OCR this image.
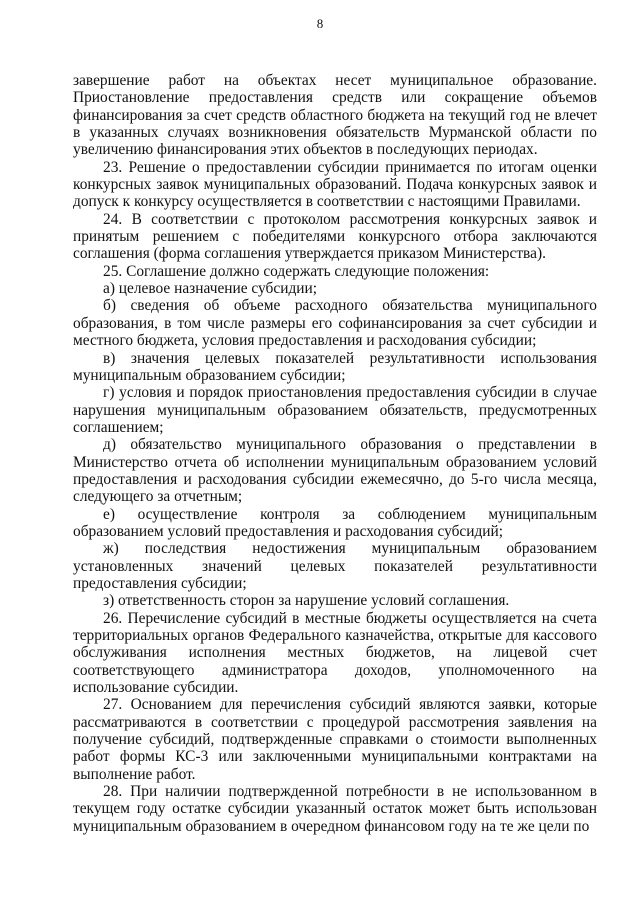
8

завершение работ на объектах несет муниципальное образование. Приостановление предоставления средств или сокращение объемов финансирования за счет средств областного бюджета на текущий год не влечет в указанных случаях возникновения обязательств Мурманской области по увеличению финансирования этих объектов в последующих периодах.

23. Решение о предоставлении субсидии принимается по итогам оценки конкурсных заявок муниципальных образований. Подача конкурсных заявок и допуск к конкурсу осуществляется в соответствии с настоящими Правилами.

24. В соответствии с протоколом рассмотрения конкурсных заявок и принятым решением с победителями конкурсного отбора заключаются соглашения (форма соглашения утверждается приказом Министерства).

25. Соглашение должно содержать следующие положения:

а) целевое назначение субсидии;

б) сведения об объеме расходного обязательства муниципального образования, в том числе размеры его софинансирования за счет субсидии и местного бюджета, условия предоставления и расходования субсидии;

в) значения целевых показателей результативности использования муниципальным образованием субсидии;

г) условия и порядок приостановления предоставления субсидии в случае нарушения муниципальным образованием обязательств, предусмотренных соглашением;

д) обязательство муниципального образования о представлении в Министерство отчета об исполнении муниципальным образованием условий предоставления и расходования субсидии ежемесячно, до 5-го числа месяца, следующего за отчетным;

е) осуществление контроля за соблюдением муниципальным образованием условий предоставления и расходования субсидий;

ж) последствия недостижения муниципальным образованием установленных значений целевых показателей результативности предоставления субсидии;

з) ответственность сторон за нарушение условий соглашения.

26. Перечисление субсидий в местные бюджеты осуществляется на счета территориальных органов Федерального казначейства, открытые для кассового обслуживания исполнения местных бюджетов, на лицевой счет соответствующего администратора доходов, уполномоченного на использование субсидии.

27. Основанием для перечисления субсидий являются заявки, которые рассматриваются в соответствии с процедурой рассмотрения заявления на получение субсидий, подтвержденные справками о стоимости выполненных работ формы КС-3 или заключенными муниципальными контрактами на выполнение работ.

28. При наличии подтвержденной потребности в не использованном в текущем году остатке субсидии указанный остаток может быть использован муниципальным образованием в очередном финансовом году на те же цели по
